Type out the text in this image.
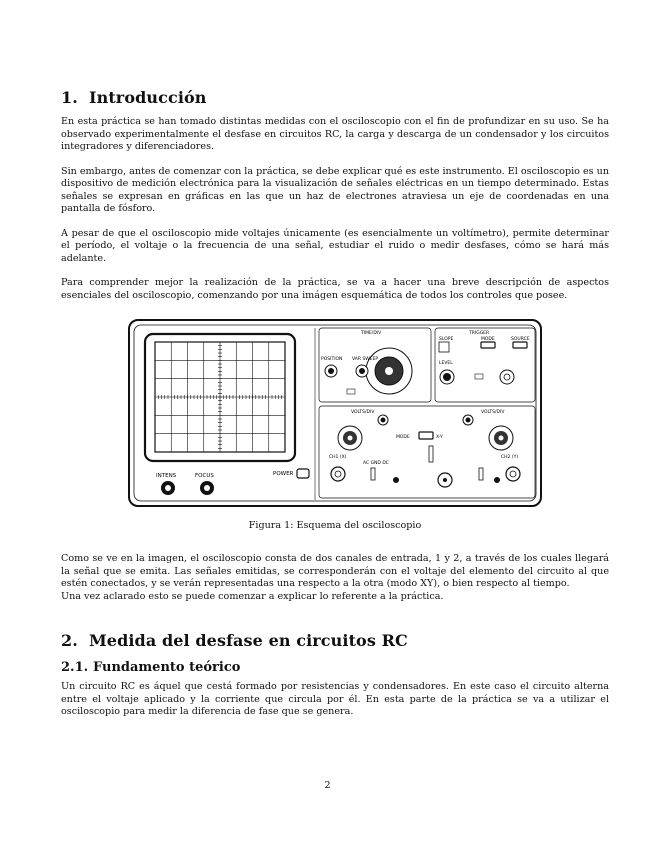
1. Introducción

En esta práctica se han tomado distintas medidas con el osciloscopio con el fin de profundizar en su uso. Se ha observado experimentalmente el desfase en circuitos RC, la carga y descarga de un condensador y los circuitos integradores y diferenciadores.

Sin embargo, antes de comenzar con la práctica, se debe explicar qué es este instrumento. El osciloscopio es un dispositivo de medición electrónica para la visualización de señales eléctricas en un tiempo determinado. Estas señales se expresan en gráficas en las que un haz de electrones atraviesa un eje de coordenadas en una pantalla de fósforo.

A pesar de que el osciloscopio mide voltajes únicamente (es esencialmente un voltímetro), permite determinar el período, el voltaje o la frecuencia de una señal, estudiar el ruido o medir desfases, cómo se hará más adelante.

Para comprender mejor la realización de la práctica, se va a hacer una breve descripción de aspectos esenciales del osciloscopio, comenzando por una imágen esquemática de todos los controles que posee.

INTENS	FOCUS	POWER
TIME/DIV
POSITION VAR SWEEP
TRIGGER
SLOPE	MODE	SOURCE
LEVEL
VOLTS/DIV	VOLTS/DIV
MODE	X-Y
CH1 (X)
AC GND DC
CH2 (Y)
Figura 1: Esquema del osciloscopio

Como se ve en la imagen, el osciloscopio consta de dos canales de entrada, 1 y 2, a través de los cuales llegará la señal que se emita. Las señales emitidas, se corresponderán con el voltaje del elemento del circuito al que estén conectados, y se verán representadas una respecto a la otra (modo XY), o bien respecto al tiempo.

Una vez aclarado esto se puede comenzar a explicar lo referente a la práctica.

2. Medida del desfase en circuitos RC
2.1. Fundamento teórico

Un circuito RC es áquel que cestá formado por resistencias y condensadores. En este caso el circuito alterna entre el voltaje aplicado y la corriente que circula por él. En esta parte de la práctica se va a utilizar el osciloscopio para medir la diferencia de fase que se genera.

2
